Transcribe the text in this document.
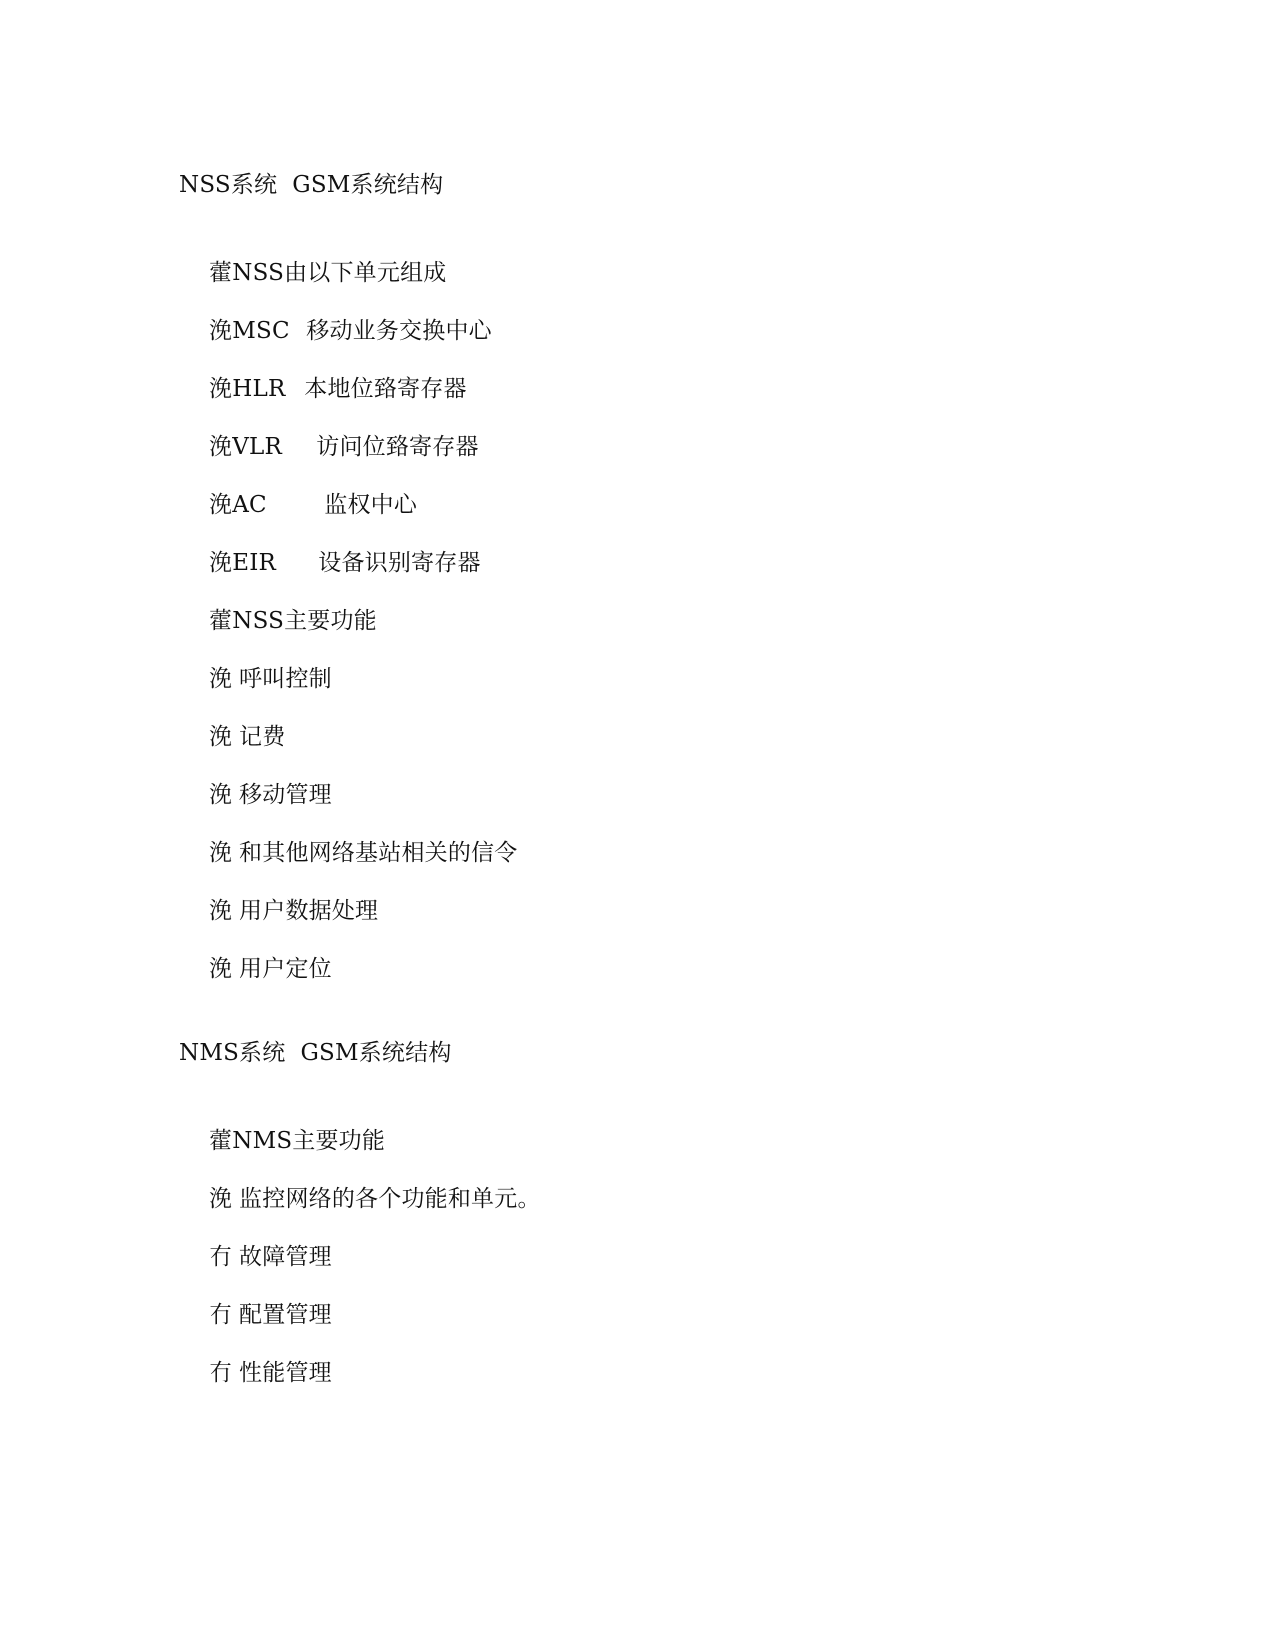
NSS系统  GSM系统结构

藿NSS由以下单元组成

浼MSC 移动业务交换中心

浼HLR 本地位臵寄存器

浼VLR 访问位臵寄存器

浼AC 监权中心

浼EIR 设备识别寄存器

藿NSS主要功能

浼 呼叫控制

浼 记费

浼 移动管理

浼 和其他网络基站相关的信令

浼 用户数据处理

浼 用户定位

NMS系统  GSM系统结构

藿NMS主要功能

浼 监控网络的各个功能和单元。

冇 故障管理

冇 配置管理

冇 性能管理
